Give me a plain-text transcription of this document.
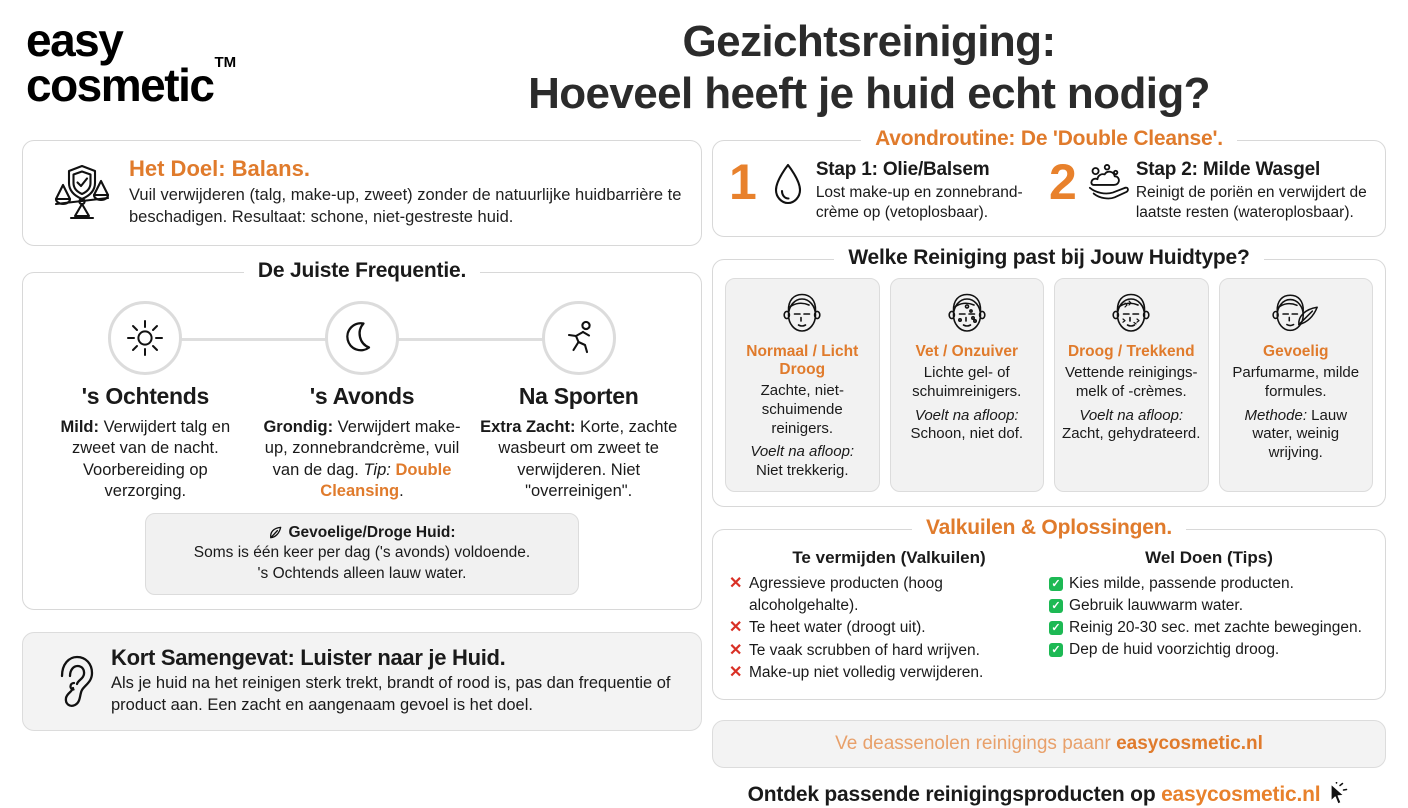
easy
cosmetic™	Gezichtsreiniging:
Hoeveel heeft je huid echt nodig?
Het Doel: Balans.
Vuil verwijderen (talg, make-up, zweet) zonder de natuurlijke huidbarrière te beschadigen. Resultaat: schone, niet-gestreste huid.
's Ochtends
Mild: Verwijdert talg en zweet van de nacht. Voorbereiding op verzorging.
's Avonds
Grondig: Verwijdert make-up, zonnebrandcrème, vuil van de dag. Tip: Double Cleansing.
Na Sporten
Extra Zacht: Korte, zachte wasbeurt om zweet te verwijderen. Niet "overreinigen".
Gevoelige/Droge Huid:
Soms is één keer per dag ('s avonds) voldoende.
's Ochtends alleen lauw water.
De Juiste Frequentie.
Kort Samengevat: Luister naar je Huid.
Als je huid na het reinigen sterk trekt, brandt of rood is, pas dan frequentie of product aan. Een zacht en aangenaam gevoel is het doel.
1	Stap 1: Olie/Balsem
Lost make-up en zonnebrand-crème op (vetoplosbaar).
2	Stap 2: Milde Wasgel
Reinigt de poriën en verwijdert de laatste resten (wateroplosbaar).
Avondroutine: De 'Double Cleanse'.
Normaal / Licht Droog
Zachte, niet-schuimende reinigers.
Voelt na afloop:
Niet trekkerig.
Vet / Onzuiver
Lichte gel- of schuimreinigers.
Voelt na afloop:
Schoon, niet dof.
Droog / Trekkend
Vettende reinigings-melk of -crèmes.
Voelt na afloop:
Zacht, gehydrateerd.
Gevoelig
Parfumarme, milde formules.
Methode: Lauw water, weinig wrijving.
Welke Reiniging past bij Jouw Huidtype?
Te vermijden (Valkuilen)
✕ Agressieve producten (hoog alcoholgehalte).
✕ Te heet water (droogt uit).
✕ Te vaak scrubben of hard wrijven.
✕ Make-up niet volledig verwijderen.
Wel Doen (Tips)
✓ Kies milde, passende producten.
✓ Gebruik lauwwarm water.
✓ Reinig 20-30 sec. met zachte bewegingen.
✓ Dep de huid voorzichtig droog.
Valkuilen & Oplossingen.
Ve deassenolen reinigings paanr easycosmetic.nl
Ontdek passende reinigingsproducten op easycosmetic.nl
